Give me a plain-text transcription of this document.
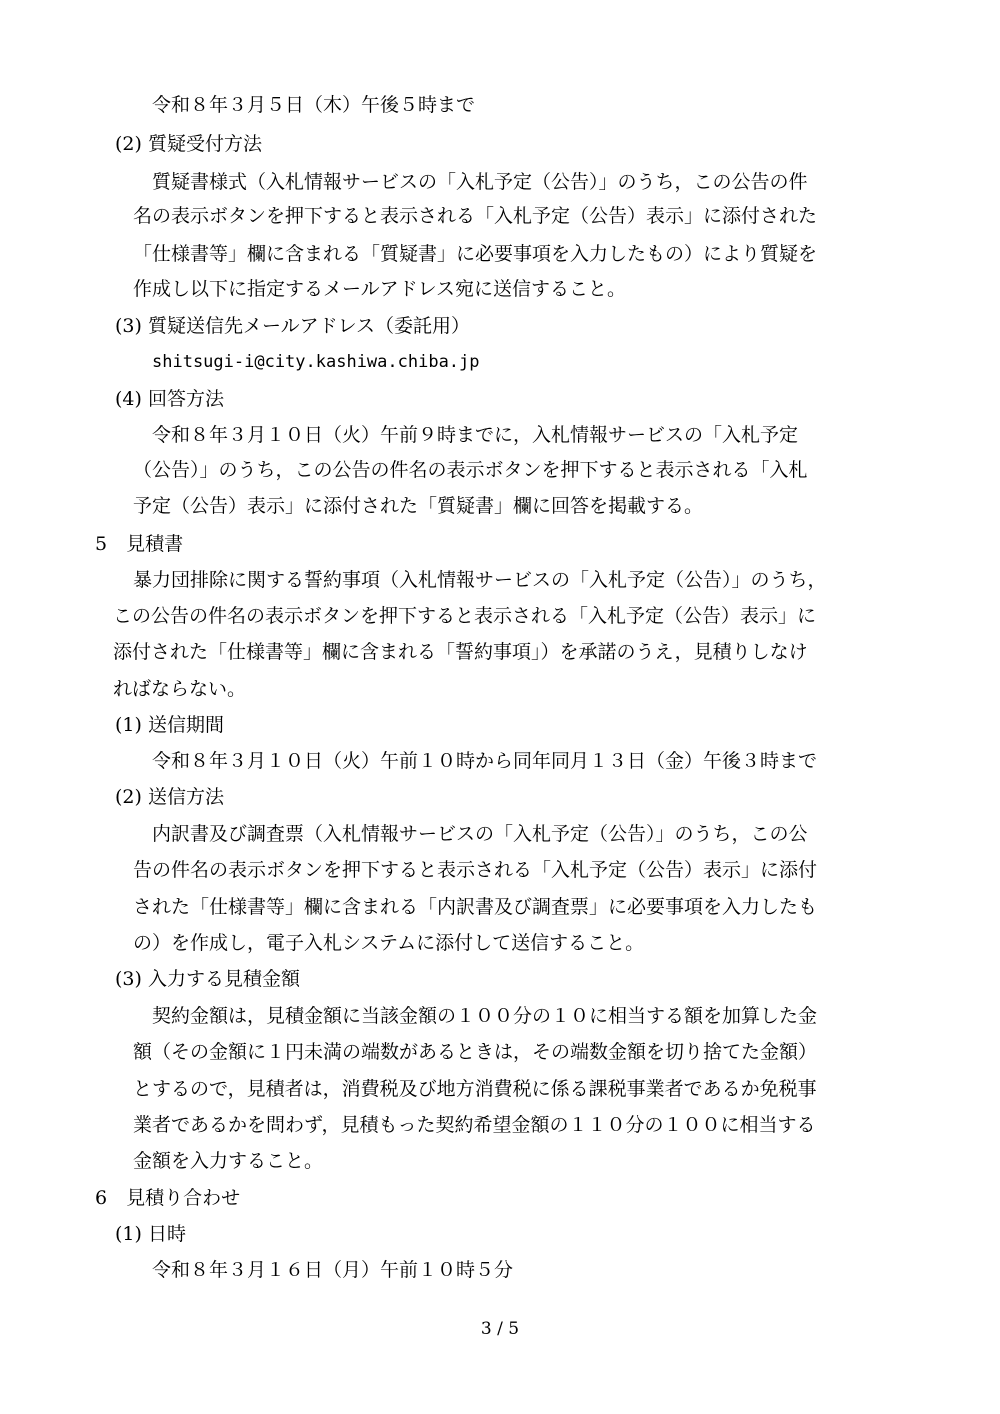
令和８年３月５日（木）午後５時まで
(2) 質疑受付方法
質疑書様式（入札情報サービスの「入札予定（公告）」のうち，この公告の件
名の表示ボタンを押下すると表示される「入札予定（公告）表示」に添付された
「仕様書等」欄に含まれる「質疑書」に必要事項を入力したもの）により質疑を
作成し以下に指定するメールアドレス宛に送信すること。
(3) 質疑送信先メールアドレス（委託用）
shitsugi-i@city.kashiwa.chiba.jp
(4) 回答方法
令和８年３月１０日（火）午前９時までに，入札情報サービスの「入札予定
（公告）」のうち，この公告の件名の表示ボタンを押下すると表示される「入札
予定（公告）表示」に添付された「質疑書」欄に回答を掲載する。
5　見積書
暴力団排除に関する誓約事項（入札情報サービスの「入札予定（公告）」のうち，
この公告の件名の表示ボタンを押下すると表示される「入札予定（公告）表示」に
添付された「仕様書等」欄に含まれる「誓約事項」）を承諾のうえ，見積りしなけ
ればならない。
(1) 送信期間
令和８年３月１０日（火）午前１０時から同年同月１３日（金）午後３時まで
(2) 送信方法
内訳書及び調査票（入札情報サービスの「入札予定（公告）」のうち，この公
告の件名の表示ボタンを押下すると表示される「入札予定（公告）表示」に添付
された「仕様書等」欄に含まれる「内訳書及び調査票」に必要事項を入力したも
の）を作成し，電子入札システムに添付して送信すること。
(3) 入力する見積金額
契約金額は，見積金額に当該金額の１００分の１０に相当する額を加算した金
額（その金額に１円未満の端数があるときは，その端数金額を切り捨てた金額）
とするので，見積者は，消費税及び地方消費税に係る課税事業者であるか免税事
業者であるかを問わず，見積もった契約希望金額の１１０分の１００に相当する
金額を入力すること。
6　見積り合わせ
(1) 日時
令和８年３月１６日（月）午前１０時５分
3 / 5
